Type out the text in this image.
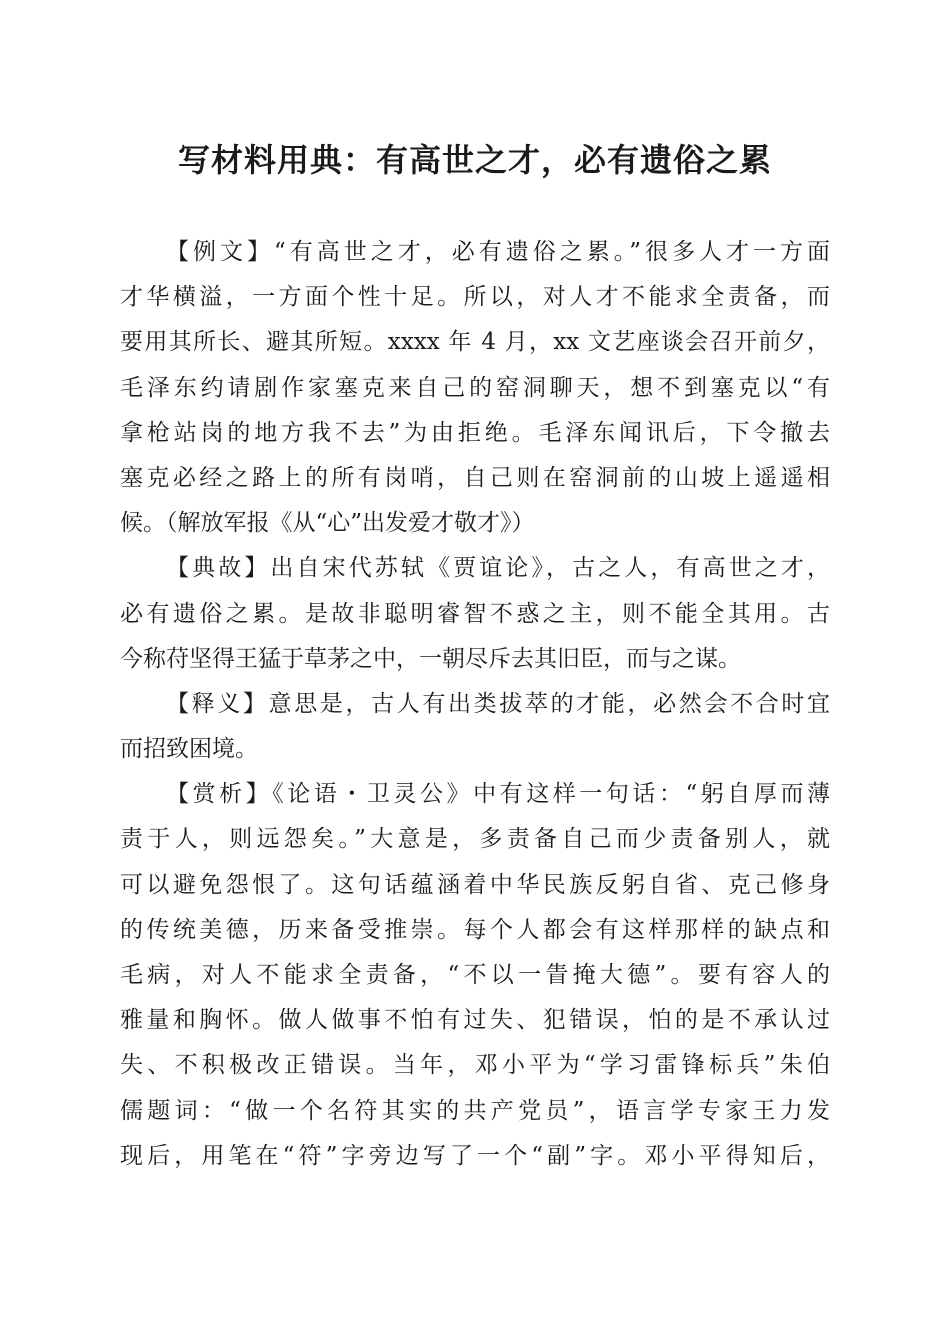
写材料用典：有高世之才，必有遗俗之累
【例文】“有高世之才，必有遗俗之累。”很多人才一方面
才华横溢，一方面个性十足。所以，对人才不能求全责备，而
要用其所长、避其所短。xxxx 年 4 月，xx 文艺座谈会召开前夕，
毛泽东约请剧作家塞克来自己的窑洞聊天，想不到塞克以“有
拿枪站岗的地方我不去”为由拒绝。毛泽东闻讯后，下令撤去
塞克必经之路上的所有岗哨，自己则在窑洞前的山坡上遥遥相
候。（解放军报《从“心”出发爱才敬才》）
【典故】出自宋代苏轼《贾谊论》，古之人，有高世之才，
必有遗俗之累。是故非聪明睿智不惑之主，则不能全其用。古
今称苻坚得王猛于草茅之中，一朝尽斥去其旧臣，而与之谋。
【释义】意思是，古人有出类拔萃的才能，必然会不合时宜
而招致困境。
【赏析】《论语・卫灵公》中有这样一句话：“躬自厚而薄
责于人，则远怨矣。”大意是，多责备自己而少责备别人，就
可以避免怨恨了。这句话蕴涵着中华民族反躬自省、克己修身
的传统美德，历来备受推崇。每个人都会有这样那样的缺点和
毛病，对人不能求全责备，“不以一眚掩大德”。要有容人的
雅量和胸怀。做人做事不怕有过失、犯错误，怕的是不承认过
失、不积极改正错误。当年，邓小平为“学习雷锋标兵”朱伯
儒题词：“做一个名符其实的共产党员”，语言学专家王力发
现后，用笔在“符”字旁边写了一个“副”字。邓小平得知后，
